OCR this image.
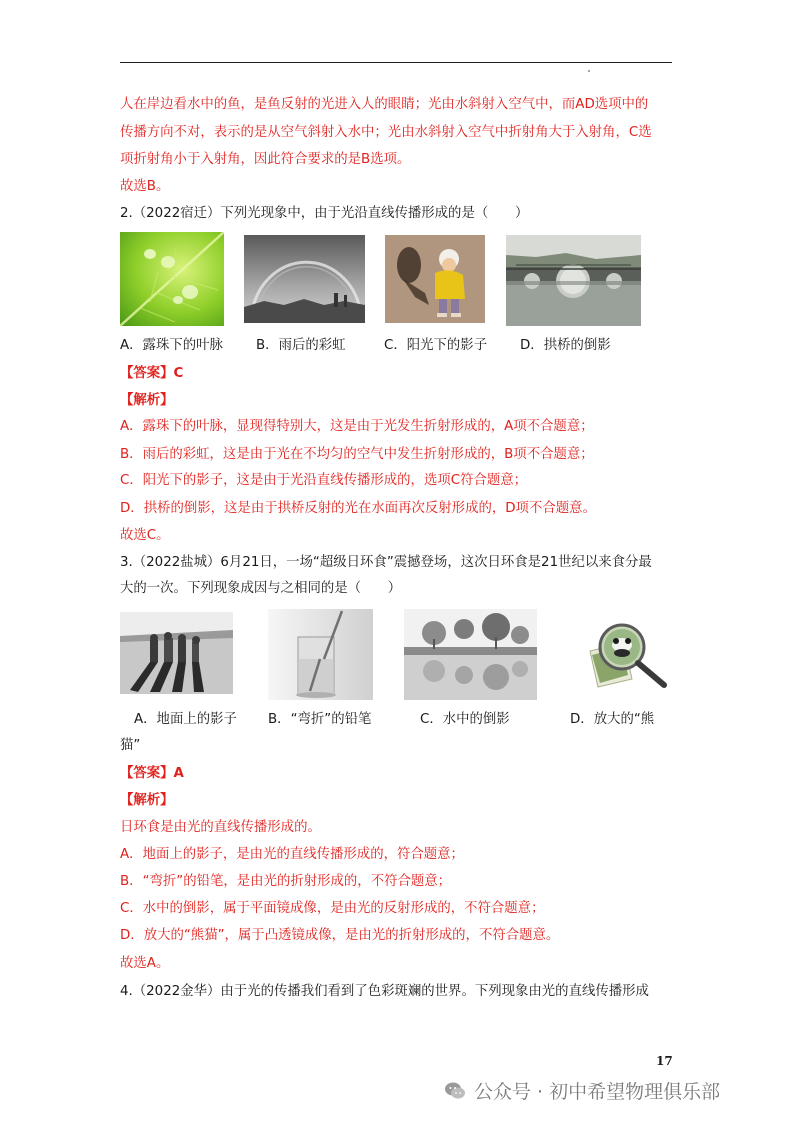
人在岸边看水中的鱼，是鱼反射的光进入人的眼睛；光由水斜射入空气中，而AD选项中的
传播方向不对，表示的是从空气斜射入水中；光由水斜射入空气中折射角大于入射角，C选
项折射角小于入射角，因此符合要求的是B选项。
故选B。
2.（2022宿迁）下列光现象中，由于光沿直线传播形成的是（　　）
A．露珠下的叶脉 B．雨后的彩虹	C．阳光下的影子 D．拱桥的倒影
【答案】C
【解析】
A．露珠下的叶脉，显现得特别大，这是由于光发生折射形成的，A项不合题意；
B．雨后的彩虹，这是由于光在不均匀的空气中发生折射形成的，B项不合题意；
C．阳光下的影子，这是由于光沿直线传播形成的，选项C符合题意；
D．拱桥的倒影，这是由于拱桥反射的光在水面再次反射形成的，D项不合题意。
故选C。
3.（2022盐城）6月21日，一场“超级日环食”震撼登场，这次日环食是21世纪以来食分最
大的一次。下列现象成因与之相同的是（　　）
A．地面上的影子 B．“弯折”的铅笔	C．水中的倒影	D．放大的“熊
猫”
【答案】A
【解析】
日环食是由光的直线传播形成的。
A．地面上的影子，是由光的直线传播形成的，符合题意；
B．“弯折”的铅笔，是由光的折射形成的，不符合题意；
C．水中的倒影，属于平面镜成像，是由光的反射形成的，不符合题意；
D．放大的“熊猫”，属于凸透镜成像，是由光的折射形成的，不符合题意。
故选A。
4.（2022金华）由于光的传播我们看到了色彩斑斓的世界。下列现象由光的直线传播形成
17
公众号 · 初中希望物理俱乐部
